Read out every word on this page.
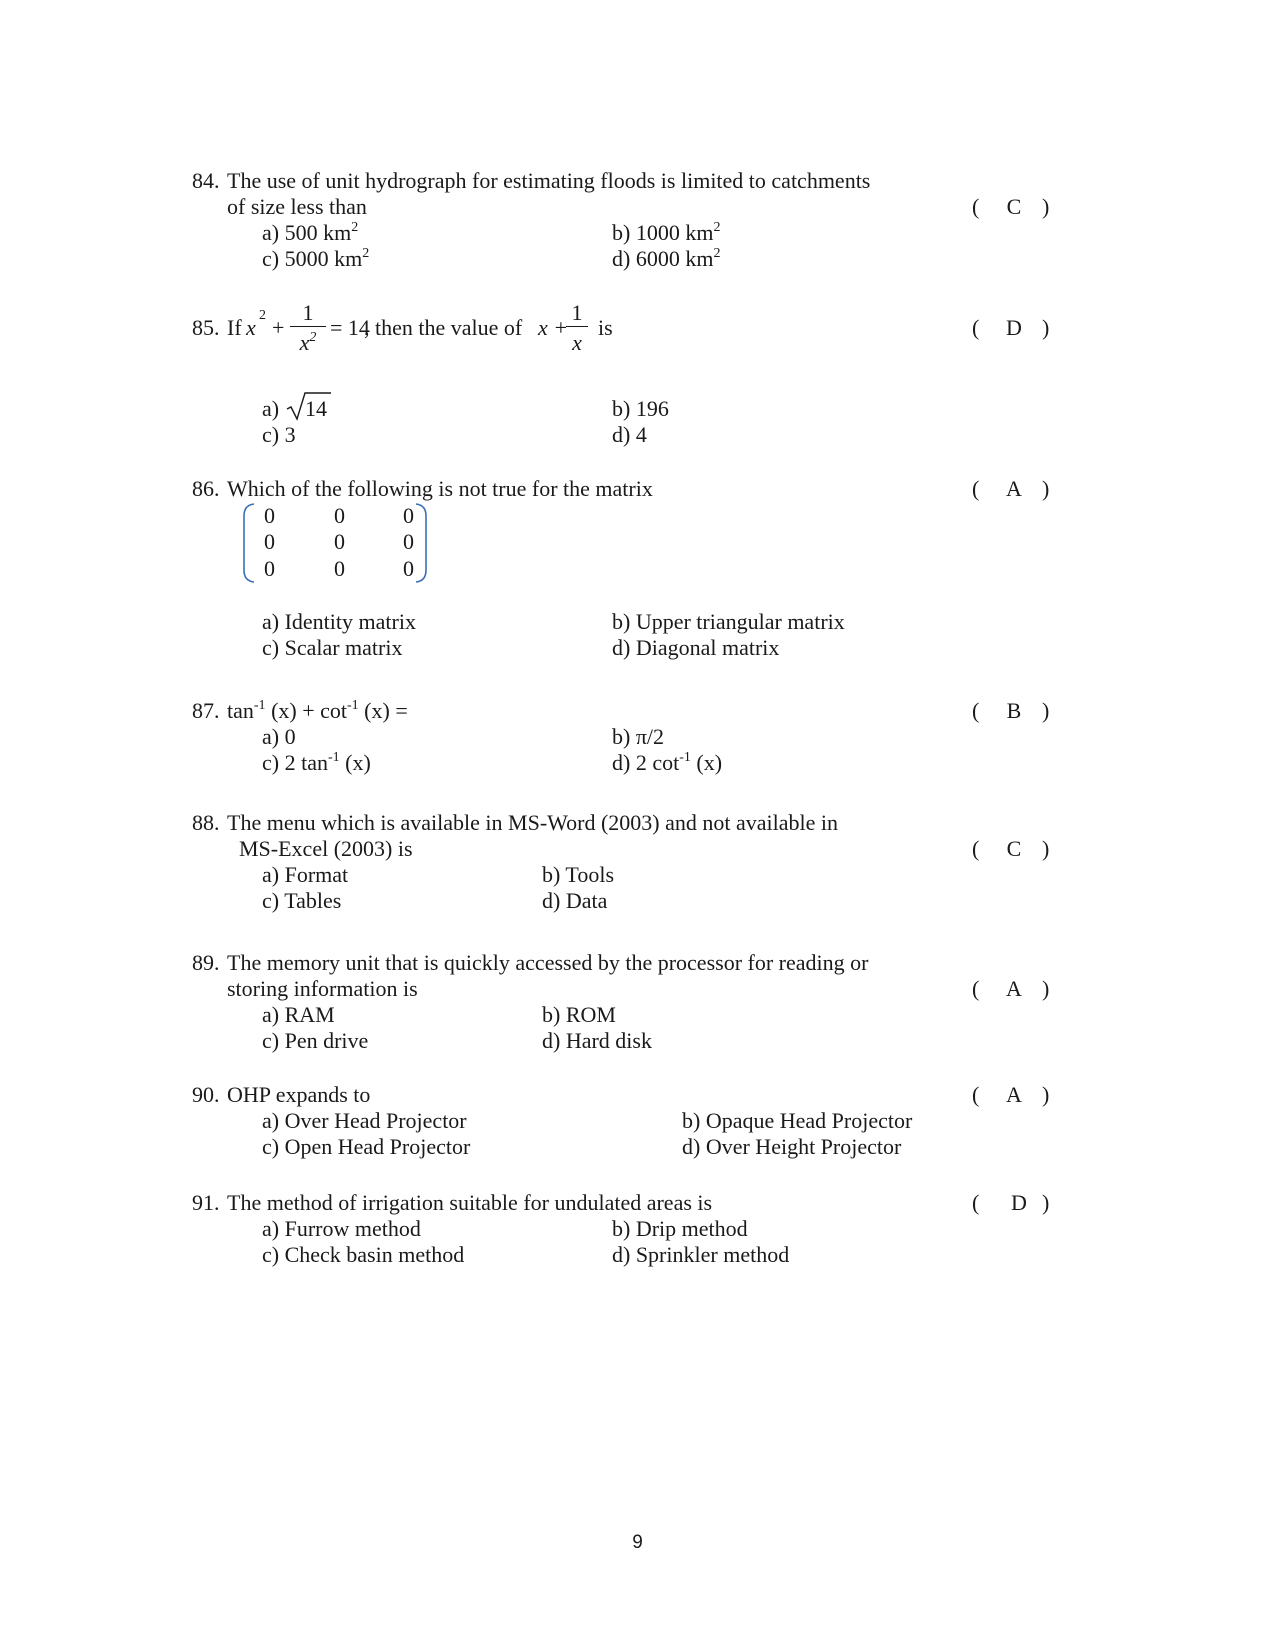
84. The use of unit hydrograph for estimating floods is limited to catchments
of size less than	( C )
a) 500 $km^2$	b) 1000 $km^2$
c) 5000 $km^2$	d) 6000 $km^2$
85. If x 2 +
1
$x^2 = 14$
, then the value of x +
1
x
is	( D )
a) 14	b) 196
c) 3	d) 4
86. Which of the following is not true for the matrix	( A )
0	0	0
0	0	0
0	0	0
a) Identity matrix	b) Upper triangular matrix
c) Scalar matrix	d) Diagonal matrix
87. $\tan^{-1} (x) + \cot^{-1} (x)$ =	( B )
a) 0	b) π/2
c) 2 $\tan^{-1} (x)$	d) 2 $\cot^{-1} (x)$
88. The menu which is available in MS-Word (2003) and not available in
MS-Excel (2003) is	( C )
a) Format	b) Tools
c) Tables	d) Data
89. The memory unit that is quickly accessed by the processor for reading or
storing information is	( A )
a) RAM	b) ROM
c) Pen drive	d) Hard disk
90. OHP expands to	( A )
a) Over Head Projector	b) Opaque Head Projector
c) Open Head Projector	d) Over Height Projector
91. The method of irrigation suitable for undulated areas is	( D )
a) Furrow method	b) Drip method
c) Check basin method	d) Sprinkler method
9
